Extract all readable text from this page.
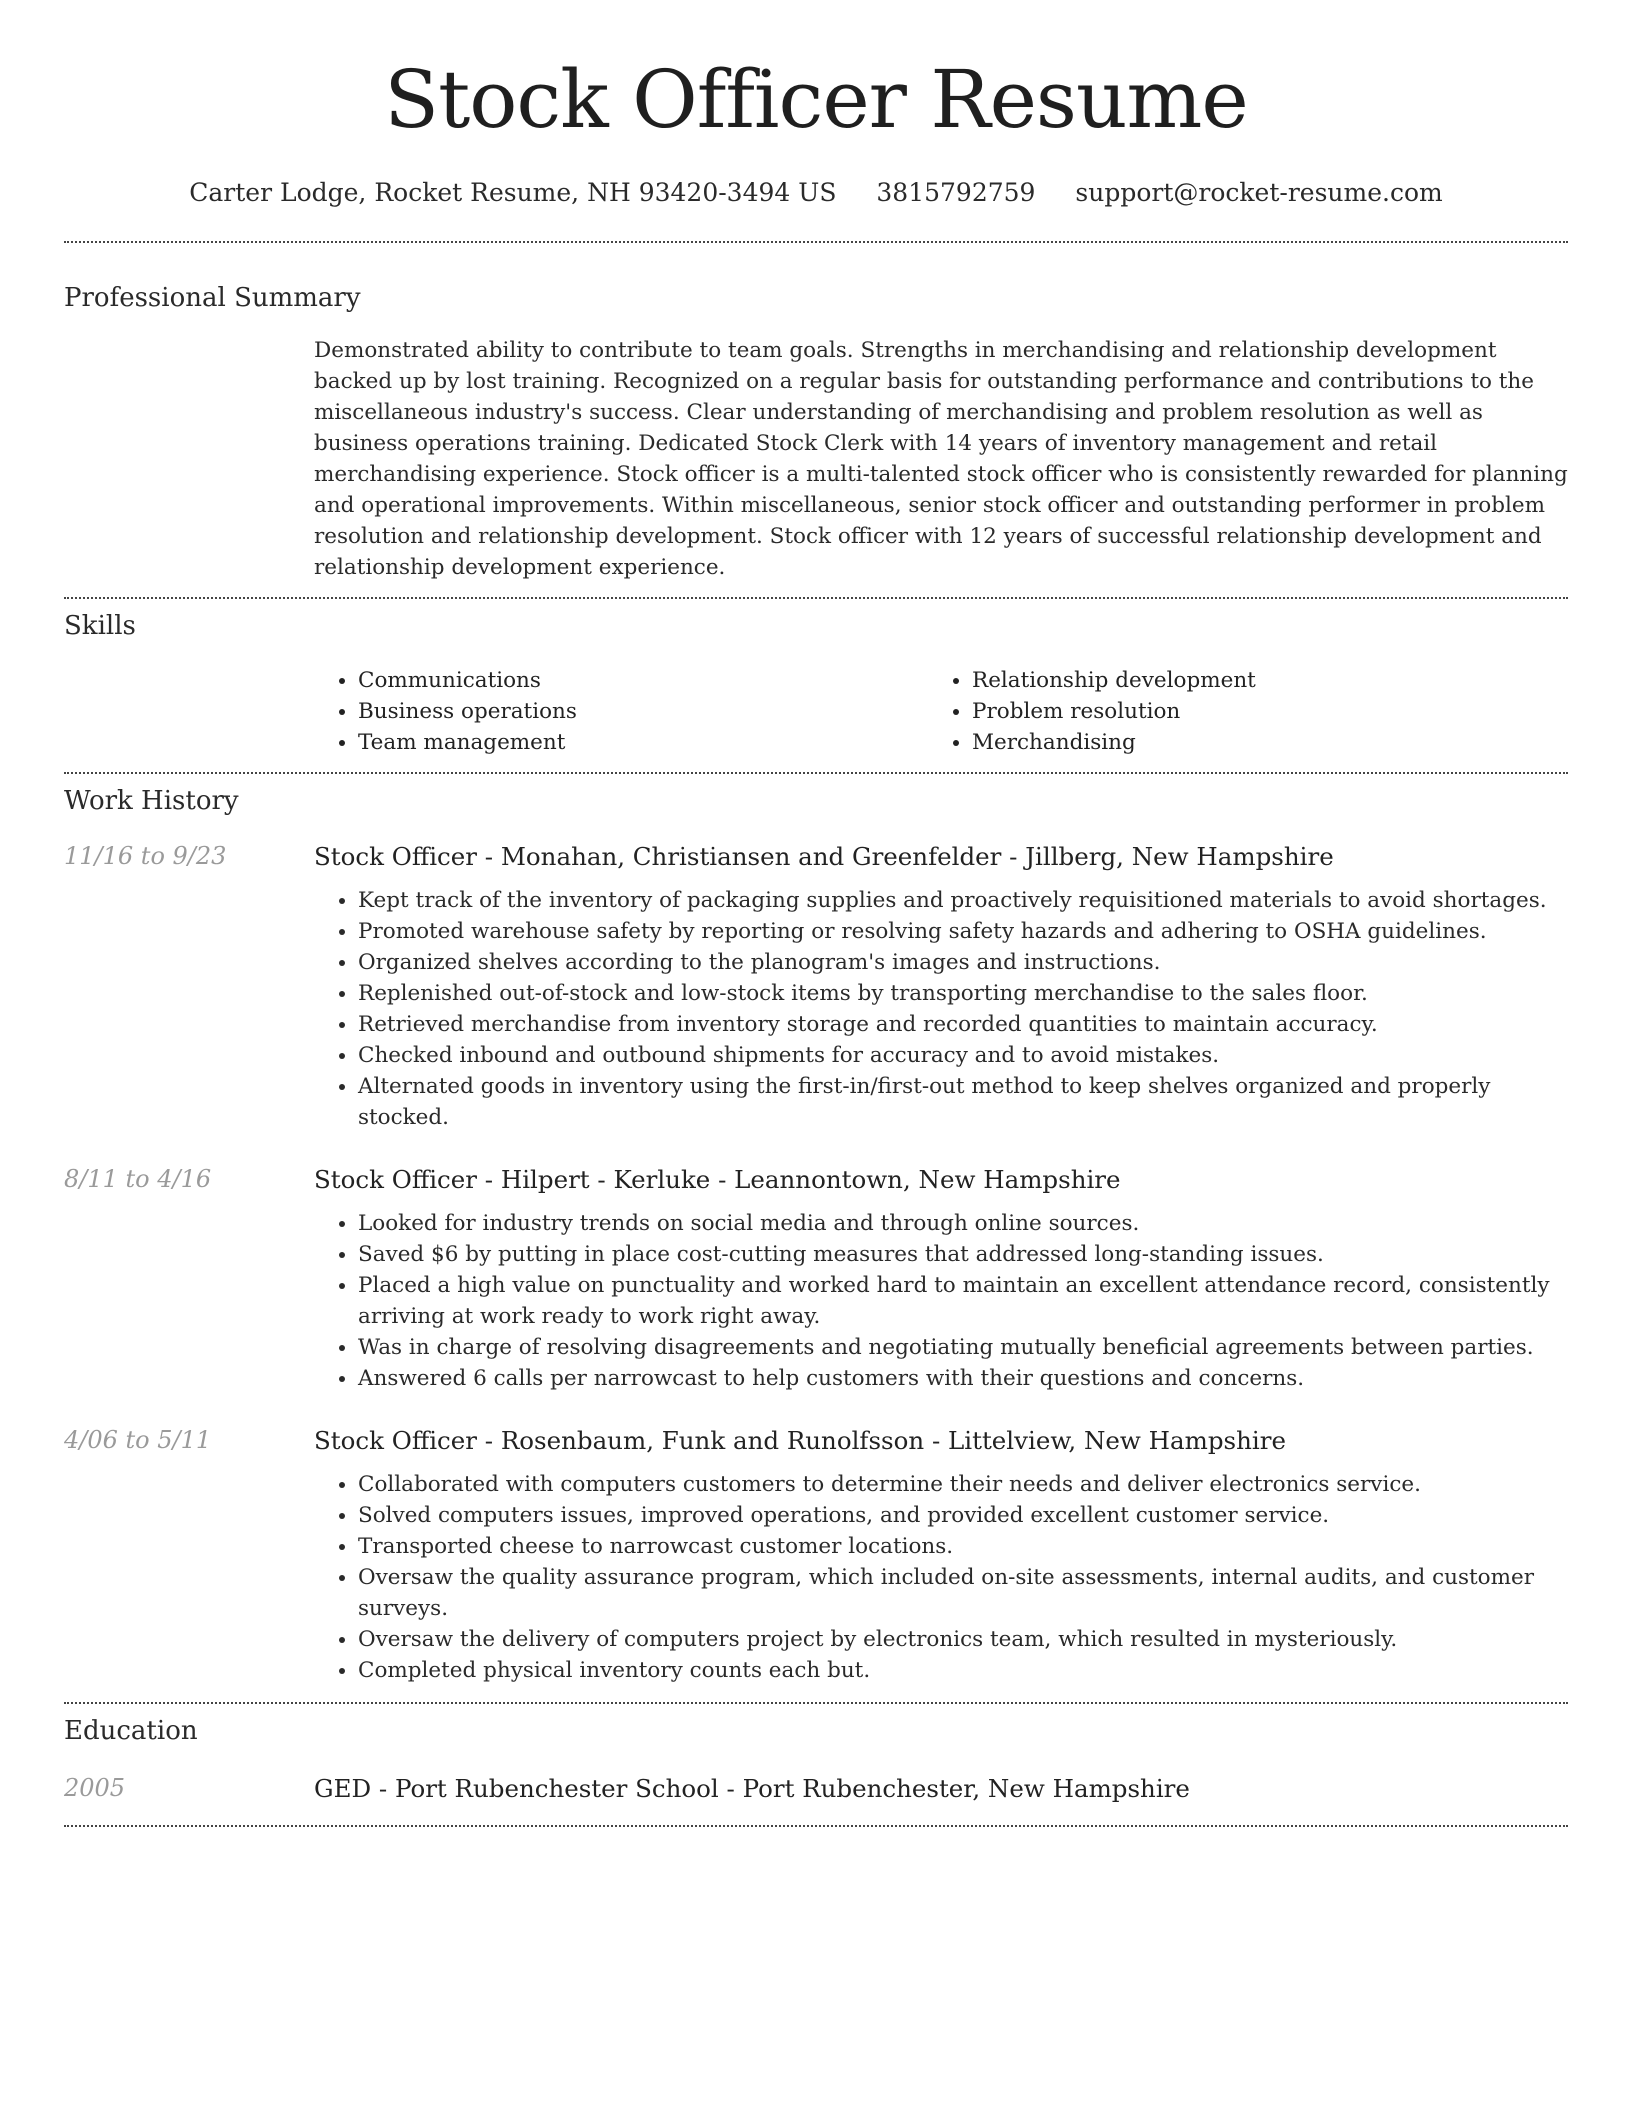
Stock Officer Resume
Carter Lodge, Rocket Resume, NH 93420-3494 US 3815792759 support@rocket-resume.com
Professional Summary

Demonstrated ability to contribute to team goals. Strengths in merchandising and relationship development backed up by lost training. Recognized on a regular basis for outstanding performance and contributions to the miscellaneous industry's success. Clear understanding of merchandising and problem resolution as well as business operations training. Dedicated Stock Clerk with 14 years of inventory management and retail merchandising experience. Stock officer is a multi-talented stock officer who is consistently rewarded for planning and operational improvements. Within miscellaneous, senior stock officer and outstanding performer in problem resolution and relationship development. Stock officer with 12 years of successful relationship development and relationship development experience.

Skills
• Communications
• Business operations
• Team management
• Relationship development
• Problem resolution
• Merchandising
Work History
11/16 to 9/23	Stock Officer - Monahan, Christiansen and Greenfelder - Jillberg, New Hampshire
• Kept track of the inventory of packaging supplies and proactively requisitioned materials to avoid shortages.
• Promoted warehouse safety by reporting or resolving safety hazards and adhering to OSHA guidelines.
• Organized shelves according to the planogram's images and instructions.
• Replenished out-of-stock and low-stock items by transporting merchandise to the sales floor.
• Retrieved merchandise from inventory storage and recorded quantities to maintain accuracy.
• Checked inbound and outbound shipments for accuracy and to avoid mistakes.
• Alternated goods in inventory using the first-in/first-out method to keep shelves organized and properly stocked.
8/11 to 4/16	Stock Officer - Hilpert - Kerluke - Leannontown, New Hampshire
• Looked for industry trends on social media and through online sources.
• Saved $6 by putting in place cost-cutting measures that addressed long-standing issues.
• Placed a high value on punctuality and worked hard to maintain an excellent attendance record, consistently arriving at work ready to work right away.
• Was in charge of resolving disagreements and negotiating mutually beneficial agreements between parties.
• Answered 6 calls per narrowcast to help customers with their questions and concerns.
4/06 to 5/11	Stock Officer - Rosenbaum, Funk and Runolfsson - Littelview, New Hampshire
• Collaborated with computers customers to determine their needs and deliver electronics service.
• Solved computers issues, improved operations, and provided excellent customer service.
• Transported cheese to narrowcast customer locations.
• Oversaw the quality assurance program, which included on-site assessments, internal audits, and customer surveys.
• Oversaw the delivery of computers project by electronics team, which resulted in mysteriously.
• Completed physical inventory counts each but.
Education
2005	GED - Port Rubenchester School - Port Rubenchester, New Hampshire
